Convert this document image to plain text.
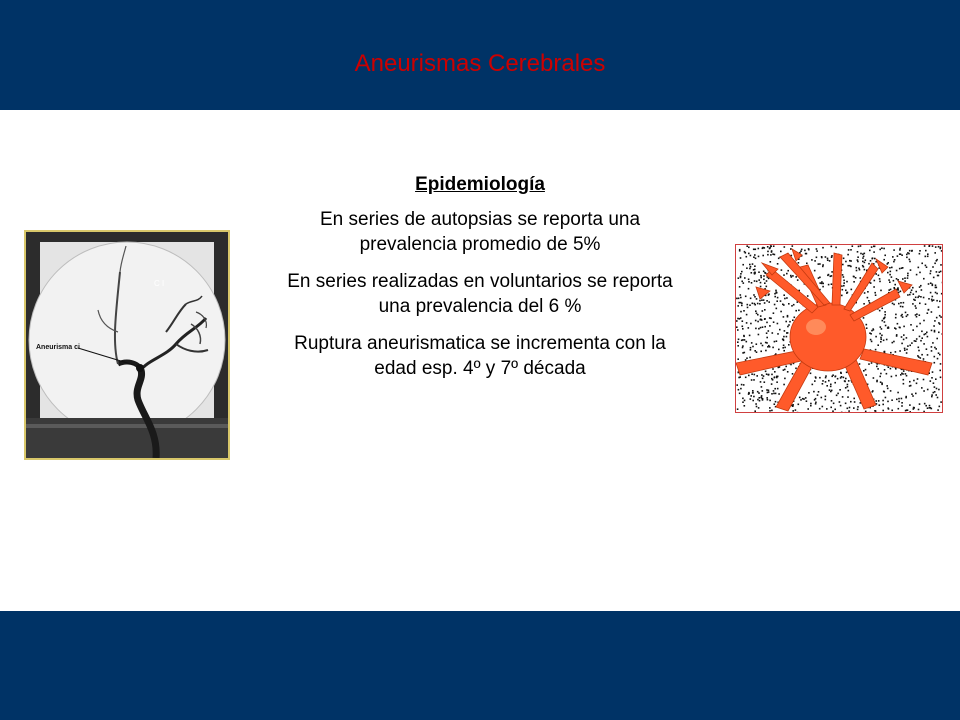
Aneurismas Cerebrales
Epidemiología
En series de autopsias se reporta una prevalencia promedio de 5%
En series realizadas en voluntarios se reporta una prevalencia del 6 %
Ruptura aneurismatica se incrementa con la edad esp. 4º y 7º década
Aneurisma ci
C I
